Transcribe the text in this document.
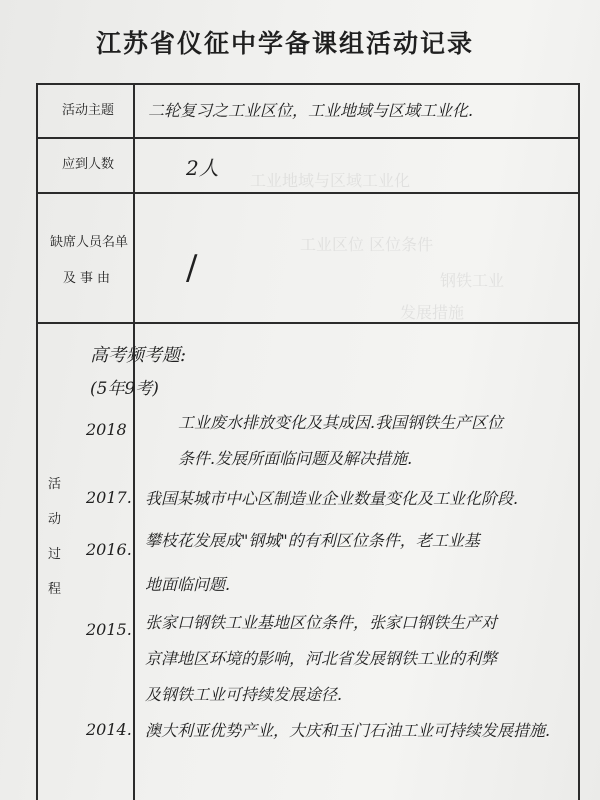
江苏省仪征中学备课组活动记录
工业地域与区域工业化
工业区位 区位条件
钢铁工业
发展措施
活动主题 二轮复习之工业区位，工业地域与区域工业化.
应到人数	2人
缺席人员名单
及事由 /
活
动
过
程
高考频考题:
(5年9考)
2018	工业废水排放变化及其成因.我国钢铁生产区位
条件.发展所面临问题及解决措施.
2017. 我国某城市中心区制造业企业数量变化及工业化阶段.
2016. 攀枝花发展成"钢城"的有利区位条件，老工业基
地面临问题.
2015. 张家口钢铁工业基地区位条件，张家口钢铁生产对
京津地区环境的影响，河北省发展钢铁工业的利弊
及钢铁工业可持续发展途径.
2014. 澳大利亚优势产业，大庆和玉门石油工业可持续发展措施.
